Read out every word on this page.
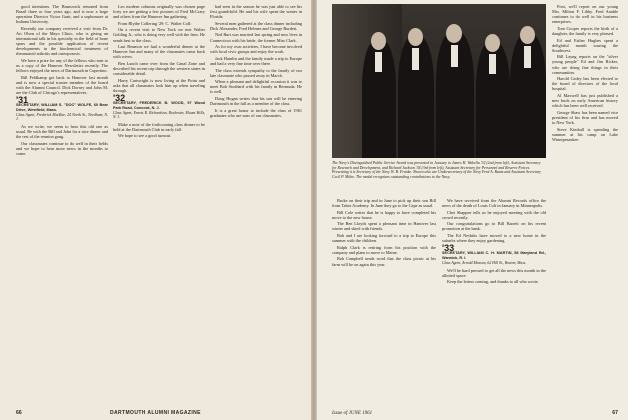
good intentions. The Brunswick returned from Brazil three or four years ago, and is now a large operation Director Victor Gratt, and a sophomore at Indiana University.

Recently our company received a visit from Dr. Art Olsen of the Mayo Clinic, who is giving an international talk in his specialty in the field of bone spurs and the possible application of recent developments in the biochemical treatment of rheumatoid arthritis and osteoporosis.

We have a prize for any of the fellows who sent to us a copy of the Hanover Newsletter recently. The fellows enjoyed the news of Dartmouth in Cupertino.

Bill Feldkamp got back to Hanover last month and is now a special trustee member of the board with the Alumni Council. Dick Dorsey and John M. are the Club of Chicago's representatives.

'31
SECRETARY, WILLIAM S. "DOC" WOLFE, 60 Bear Drive, Westfield, Mass.
Class Agent, Frederick MacRae, 24 North St., Needham, N. J.

As we write, we seem to hear this old one as usual. Be with the Bill and John for a nice dinner and the rest of the reunion gang.

Our classmates continue to do well in their fields and we hope to hear more news in the months to come.

Leo modern columns originally was chosen page forty we are getting a few pictures of Fred McCrary and others from the Hanover Inn gathering.

From Blythe Collering '29: C. Walter Coll:

On a recent visit to New York we met Walter Golding Jr., who is doing very well with the firm. He sends best to the class.

Last Reunion we had a wonderful dinner at the Hanover Inn and many of the classmates came back with wives.

Ben Lunch came over from the Canal Zone and described his recent trip through the western states in considerable detail.

Harry Cartwright is now living at the Point and asks that all classmates look him up when traveling through.

'32
SECRETARY, FREDERICK B. WOOD, 97 Wood Park Road, Concord, N. J.
Class Agent, Ernest R. Richardson, Rochester, Mount Hills, N. J.

Make a note of the forthcoming class dinner to be held at the Dartmouth Club in early fall.

We hope to see a good turnout.

had seen in the season he was just able to see his first grandchild. He and his wife spent the winter in Florida.

Several men gathered at the class dinner including Dick Alexander, Fred Holmes and George Burdett.

Ned Burt was married last spring and now lives in Connecticut with his bride, the former Miss Clark.

As for my own activities, I have become involved with local civic groups and enjoy the work.

Jack Hamlin and the family made a trip to Europe and had a very fine time over there.

The class extends sympathy to the family of our late classmate who passed away in March.

When a pleasant and delightful occasion it was to meet Bob Stoddard with his family in Bermuda. He is well.

Doug Hogan writes that his son will be entering Dartmouth in the fall as a member of the class.

It is a great honor to include the class of 1961 graduates who are sons of our classmates.

66	DARTMOUTH ALUMNI MAGAZINE
The Navy's Distinguished Public Service Award was presented in January to James H. Wakelin '32 (2nd from left), Assistant Secretary for Research and Development, and Richard Jackson '34 (3rd from left), Assistant Secretary for Personnel and Reserve Forces. Presenting it is Secretary of the Navy W. B. Franke. Shown also are Undersecretary of the Navy Fred A. Bantz and Assistant Secretary Cecil P. Milne. The medal recognizes outstanding contributions to the Navy.

Broke on their trip and in June to pick up their son Bill from Tabor Academy. In June they go to the Cape as usual.

Bill Cole writes that he is happy to have completed his move to the new house.

The Ben Lloyds spent a pleasant time in Hanover last winter and skied with friends.

Bob and I are looking forward to a trip to Europe this summer with the children.

Ralph Clark is retiring from his position with the company and plans to move to Maine.

Bob Campbell sends word that the class picnic at his farm will be on again this year.

We have received from the Alumni Records office the news of the death of Louis Colt in January in Minneapolis.

Chet Shappee tells us he enjoyed meeting with the old crowd recently.

Our congratulations go to Bill Barrett on his recent promotion at the bank.

The Ed Nesbitts have moved to a new home in the suburbs where they enjoy gardening.

'33
SECRETARY, WILLIAM C. H. MARTIN, 58 Maryland Rd., Warwick, R. I.
Class Agent, Arnold Maxson, 62 Hill St., Boston, Mass.

We'll be hard pressed to get all the news this month in the allotted space.

Keep the letters coming, and thanks to all who wrote.

First, we'll report on our young Mrs. Milton F. Libby. Fred Anable continues to do well in his business enterprises.

Tom Cooper reports the birth of a daughter, the family is very pleased.

Ed and Esther Hughes spent a delightful month touring the Southwest.

Bill Layng reports on the "silver young people" Ed and Jim Ricker, who are doing fine things in their communities.

Harold Cadey has been elected to the board of directors of the local hospital.

Al Maxwell has just published a new book on early American history which has been well received.

George Shaw has been named vice president of his firm and has moved to New York.

Steve Kimball is spending the summer at his camp on Lake Winnipesaukee.

Issue of JUNE 1961	67
